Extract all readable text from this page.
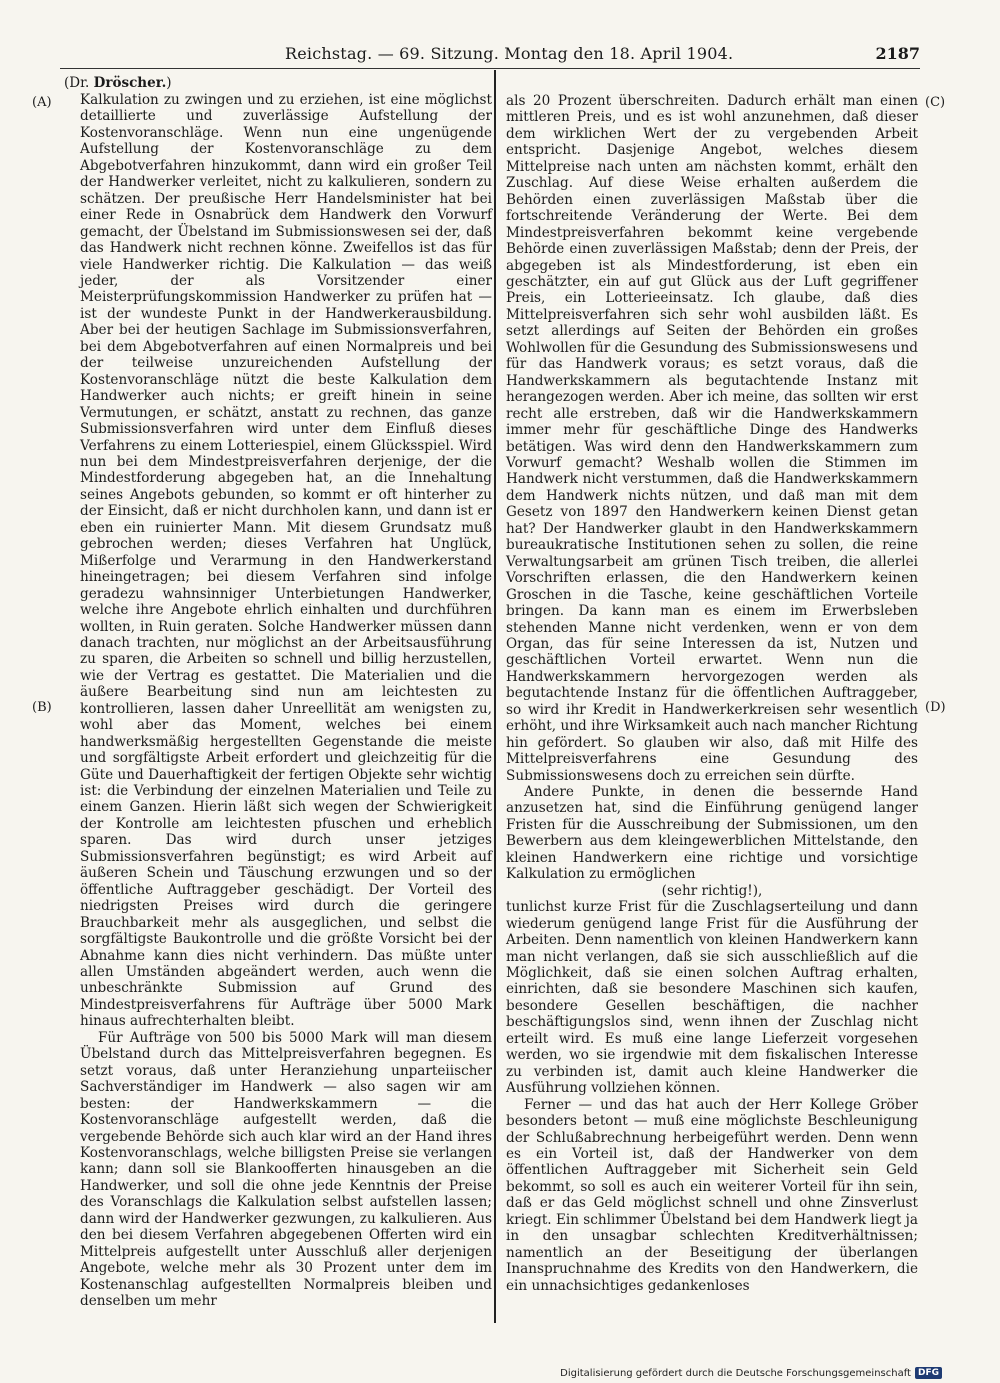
Reichstag. — 69. Sitzung. Montag den 18. April 1904.	2187
(Dr. Dröscher.)
(A)
(B)
(C)
(D)

Kalkulation zu zwingen und zu erziehen, ist eine möglichst detaillierte und zuverlässige Aufstellung der Kostenvoranschläge. Wenn nun eine ungenügende Aufstellung der Kostenvoranschläge zu dem Abgebotverfahren hinzukommt, dann wird ein großer Teil der Handwerker verleitet, nicht zu kalkulieren, sondern zu schätzen. Der preußische Herr Handelsminister hat bei einer Rede in Osnabrück dem Handwerk den Vorwurf gemacht, der Übelstand im Submissionswesen sei der, daß das Handwerk nicht rechnen könne. Zweifellos ist das für viele Handwerker richtig. Die Kalkulation — das weiß jeder, der als Vorsitzender einer Meisterprüfungskommission Handwerker zu prüfen hat — ist der wundeste Punkt in der Handwerkerausbildung. Aber bei der heutigen Sachlage im Submissionsverfahren, bei dem Abgebotverfahren auf einen Normalpreis und bei der teilweise unzureichenden Aufstellung der Kostenvoranschläge nützt die beste Kalkulation dem Handwerker auch nichts; er greift hinein in seine Vermutungen, er schätzt, anstatt zu rechnen, das ganze Submissionsverfahren wird unter dem Einfluß dieses Verfahrens zu einem Lotteriespiel, einem Glücksspiel. Wird nun bei dem Mindestpreisverfahren derjenige, der die Mindestforderung abgegeben hat, an die Innehaltung seines Angebots gebunden, so kommt er oft hinterher zu der Einsicht, daß er nicht durchholen kann, und dann ist er eben ein ruinierter Mann. Mit diesem Grundsatz muß gebrochen werden; dieses Verfahren hat Unglück, Mißerfolge und Verarmung in den Handwerkerstand hineingetragen; bei diesem Verfahren sind infolge geradezu wahnsinniger Unterbietungen Handwerker, welche ihre Angebote ehrlich einhalten und durchführen wollten, in Ruin geraten. Solche Handwerker müssen dann danach trachten, nur möglichst an der Arbeitsausführung zu sparen, die Arbeiten so schnell und billig herzustellen, wie der Vertrag es gestattet. Die Materialien und die äußere Bearbeitung sind nun am leichtesten zu kontrollieren, lassen daher Unreellität am wenigsten zu, wohl aber das Moment, welches bei einem handwerksmäßig hergestellten Gegenstande die meiste und sorgfältigste Arbeit erfordert und gleichzeitig für die Güte und Dauerhaftigkeit der fertigen Objekte sehr wichtig ist: die Verbindung der einzelnen Materialien und Teile zu einem Ganzen. Hierin läßt sich wegen der Schwierigkeit der Kontrolle am leichtesten pfuschen und erheblich sparen. Das wird durch unser jetziges Submissionsverfahren begünstigt; es wird Arbeit auf äußeren Schein und Täuschung erzwungen und so der öffentliche Auftraggeber geschädigt. Der Vorteil des niedrigsten Preises wird durch die geringere Brauchbarkeit mehr als ausgeglichen, und selbst die sorgfältigste Baukontrolle und die größte Vorsicht bei der Abnahme kann dies nicht verhindern. Das müßte unter allen Umständen abgeändert werden, auch wenn die unbeschränkte Submission auf Grund des Mindestpreisverfahrens für Aufträge über 5000 Mark hinaus aufrechterhalten bleibt.

Für Aufträge von 500 bis 5000 Mark will man diesem Übelstand durch das Mittelpreisverfahren begegnen. Es setzt voraus, daß unter Heranziehung unparteiischer Sachverständiger im Handwerk — also sagen wir am besten: der Handwerkskammern — die Kostenvoranschläge aufgestellt werden, daß die vergebende Behörde sich auch klar wird an der Hand ihres Kostenvoranschlags, welche billigsten Preise sie verlangen kann; dann soll sie Blankoofferten hinausgeben an die Handwerker, und soll die ohne jede Kenntnis der Preise des Voranschlags die Kalkulation selbst aufstellen lassen; dann wird der Handwerker gezwungen, zu kalkulieren. Aus den bei diesem Verfahren abgegebenen Offerten wird ein Mittelpreis aufgestellt unter Ausschluß aller derjenigen Angebote, welche mehr als 30 Prozent unter dem im Kostenanschlag aufgestellten Normalpreis bleiben und denselben um mehr

als 20 Prozent überschreiten. Dadurch erhält man einen mittleren Preis, und es ist wohl anzunehmen, daß dieser dem wirklichen Wert der zu vergebenden Arbeit entspricht. Dasjenige Angebot, welches diesem Mittelpreise nach unten am nächsten kommt, erhält den Zuschlag. Auf diese Weise erhalten außerdem die Behörden einen zuverlässigen Maßstab über die fortschreitende Veränderung der Werte. Bei dem Mindestpreisverfahren bekommt keine vergebende Behörde einen zuverlässigen Maßstab; denn der Preis, der abgegeben ist als Mindestforderung, ist eben ein geschätzter, ein auf gut Glück aus der Luft gegriffener Preis, ein Lotterieeinsatz. Ich glaube, daß dies Mittelpreisverfahren sich sehr wohl ausbilden läßt. Es setzt allerdings auf Seiten der Behörden ein großes Wohlwollen für die Gesundung des Submissionswesens und für das Handwerk voraus; es setzt voraus, daß die Handwerkskammern als begutachtende Instanz mit herangezogen werden. Aber ich meine, das sollten wir erst recht alle erstreben, daß wir die Handwerkskammern immer mehr für geschäftliche Dinge des Handwerks betätigen. Was wird denn den Handwerkskammern zum Vorwurf gemacht? Weshalb wollen die Stimmen im Handwerk nicht verstummen, daß die Handwerkskammern dem Handwerk nichts nützen, und daß man mit dem Gesetz von 1897 den Handwerkern keinen Dienst getan hat? Der Handwerker glaubt in den Handwerkskammern bureaukratische Institutionen sehen zu sollen, die reine Verwaltungsarbeit am grünen Tisch treiben, die allerlei Vorschriften erlassen, die den Handwerkern keinen Groschen in die Tasche, keine geschäftlichen Vorteile bringen. Da kann man es einem im Erwerbsleben stehenden Manne nicht verdenken, wenn er von dem Organ, das für seine Interessen da ist, Nutzen und geschäftlichen Vorteil erwartet. Wenn nun die Handwerkskammern hervorgezogen werden als begutachtende Instanz für die öffentlichen Auftraggeber, so wird ihr Kredit in Handwerkerkreisen sehr wesentlich erhöht, und ihre Wirksamkeit auch nach mancher Richtung hin gefördert. So glauben wir also, daß mit Hilfe des Mittelpreisverfahrens eine Gesundung des Submissionswesens doch zu erreichen sein dürfte.

Andere Punkte, in denen die bessernde Hand anzusetzen hat, sind die Einführung genügend langer Fristen für die Ausschreibung der Submissionen, um den Bewerbern aus dem kleingewerblichen Mittelstande, den kleinen Handwerkern eine richtige und vorsichtige Kalkulation zu ermöglichen

(sehr richtig!),

tunlichst kurze Frist für die Zuschlagserteilung und dann wiederum genügend lange Frist für die Ausführung der Arbeiten. Denn namentlich von kleinen Handwerkern kann man nicht verlangen, daß sie sich ausschließlich auf die Möglichkeit, daß sie einen solchen Auftrag erhalten, einrichten, daß sie besondere Maschinen sich kaufen, besondere Gesellen beschäftigen, die nachher beschäftigungslos sind, wenn ihnen der Zuschlag nicht erteilt wird. Es muß eine lange Lieferzeit vorgesehen werden, wo sie irgendwie mit dem fiskalischen Interesse zu verbinden ist, damit auch kleine Handwerker die Ausführung vollziehen können.

Ferner — und das hat auch der Herr Kollege Gröber besonders betont — muß eine möglichste Beschleunigung der Schlußabrechnung herbeigeführt werden. Denn wenn es ein Vorteil ist, daß der Handwerker von dem öffentlichen Auftraggeber mit Sicherheit sein Geld bekommt, so soll es auch ein weiterer Vorteil für ihn sein, daß er das Geld möglichst schnell und ohne Zinsverlust kriegt. Ein schlimmer Übelstand bei dem Handwerk liegt ja in den unsagbar schlechten Kreditverhältnissen; namentlich an der Beseitigung der überlangen Inanspruchnahme des Kredits von den Handwerkern, die ein unnachsichtiges gedankenloses

Digitalisierung gefördert durch die Deutsche Forschungsgemeinschaft DFG
